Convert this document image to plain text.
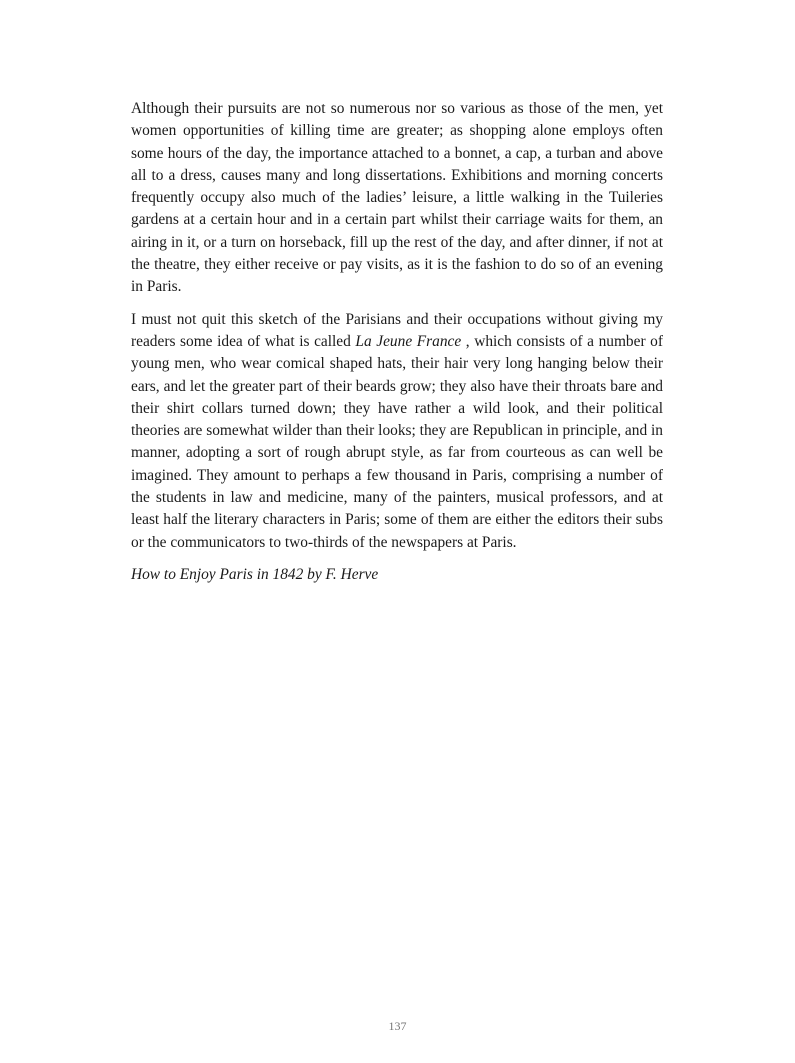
Although their pursuits are not so numerous nor so various as those of the men, yet women opportunities of killing time are greater; as shopping alone employs often some hours of the day, the importance attached to a bonnet, a cap, a turban and above all to a dress, causes many and long dissertations. Exhibitions and morning concerts frequently occupy also much of the ladies’ leisure, a little walking in the Tuileries gardens at a certain hour and in a certain part whilst their carriage waits for them, an airing in it, or a turn on horseback, fill up the rest of the day, and after dinner, if not at the theatre, they either receive or pay visits, as it is the fashion to do so of an evening in Paris.

I must not quit this sketch of the Parisians and their occupations without giving my readers some idea of what is called La Jeune France , which consists of a number of young men, who wear comical shaped hats, their hair very long hanging below their ears, and let the greater part of their beards grow; they also have their throats bare and their shirt collars turned down; they have rather a wild look, and their political theories are somewhat wilder than their looks; they are Republican in principle, and in manner, adopting a sort of rough abrupt style, as far from courteous as can well be imagined. They amount to perhaps a few thousand in Paris, comprising a number of the students in law and medicine, many of the painters, musical professors, and at least half the literary characters in Paris; some of them are either the editors their subs or the communicators to two-thirds of the newspapers at Paris.

How to Enjoy Paris in 1842 by F. Herve

137
